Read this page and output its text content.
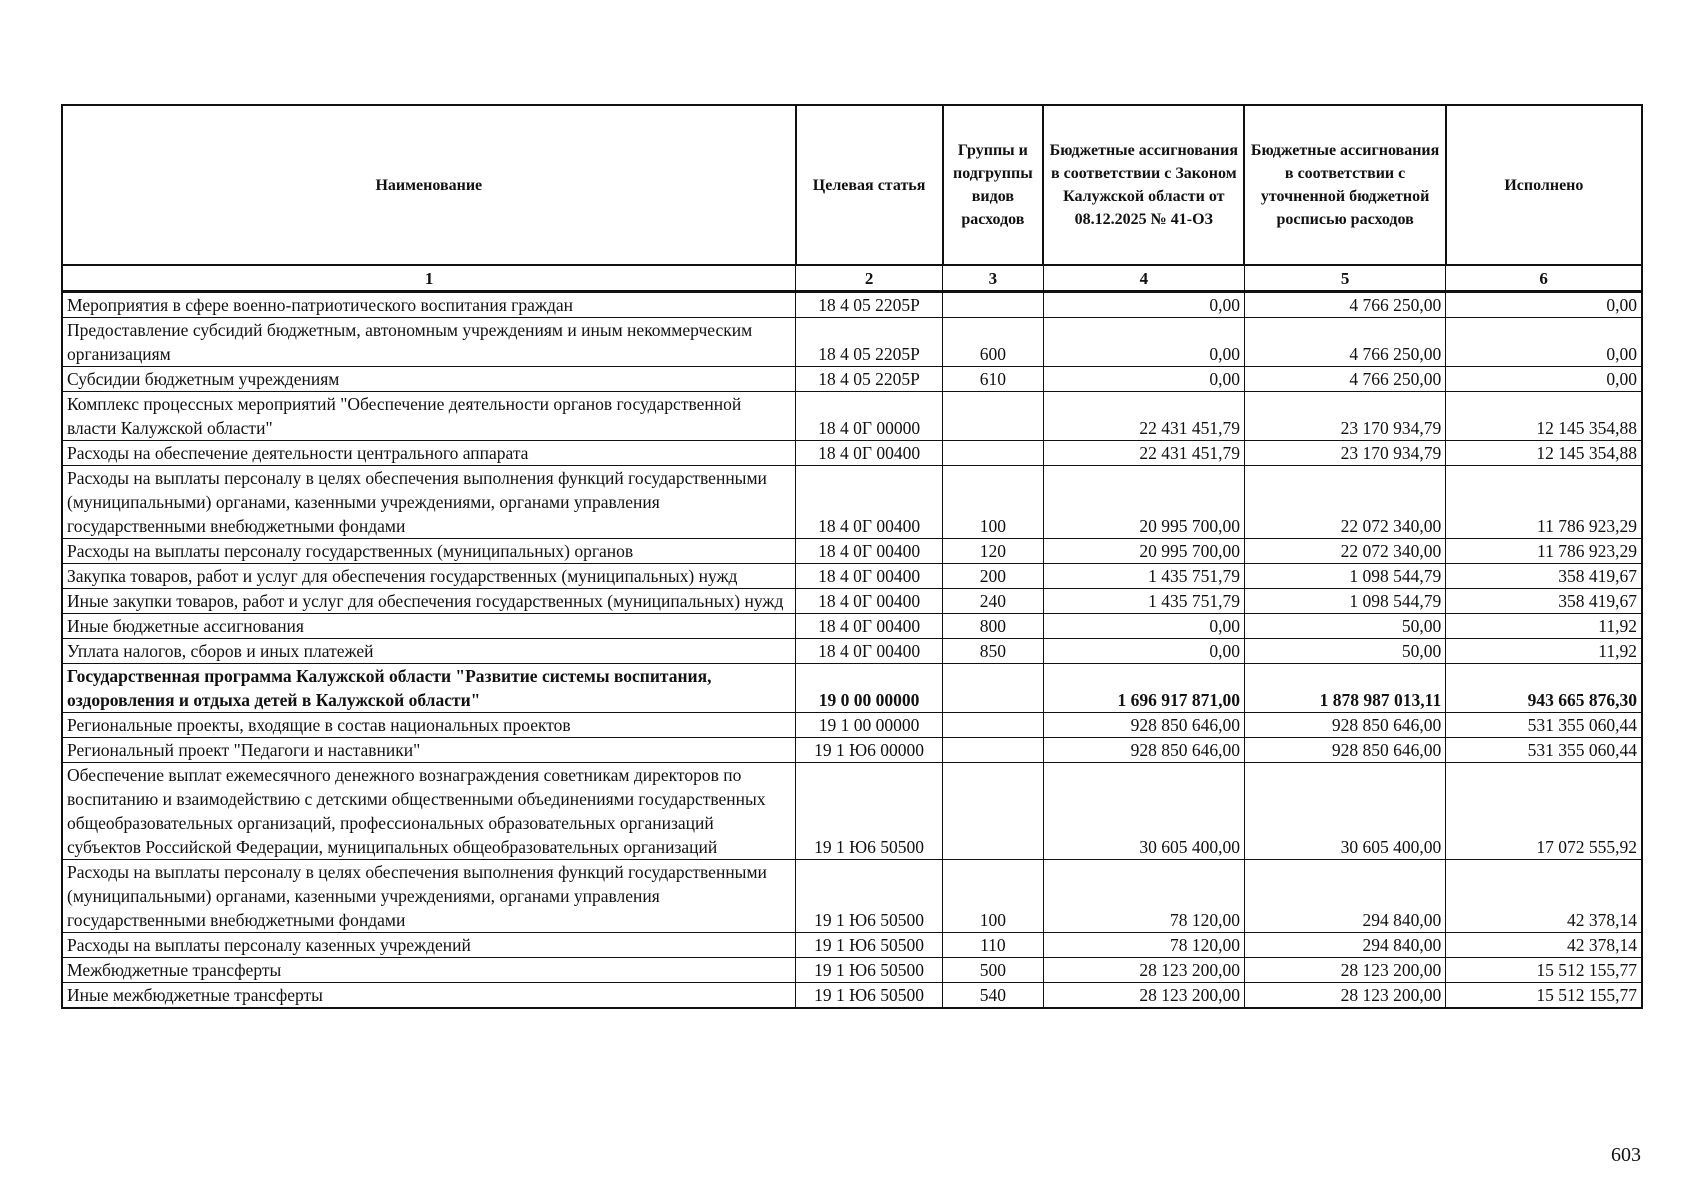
Наименование	Целевая статья	Группы и подгруппы видов расходов	Бюджетные ассигнования в соответствии с Законом Калужской области от 08.12.2025 № 41-ОЗ	Бюджетные ассигнования в соответствии с уточненной бюджетной росписью расходов	Исполнено
1	2	3	4	5	6
Мероприятия в сфере военно-патриотического воспитания граждан	18 4 05 2205Р		0,00	4 766 250,00	0,00
Предоставление субсидий бюджетным, автономным учреждениям и иным некоммерческим организациям	18 4 05 2205Р	600	0,00	4 766 250,00	0,00
Субсидии бюджетным учреждениям	18 4 05 2205Р	610	0,00	4 766 250,00	0,00
Комплекс процессных мероприятий "Обеспечение деятельности органов государственной власти Калужской области"	18 4 0Г 00000		22 431 451,79	23 170 934,79	12 145 354,88
Расходы на обеспечение деятельности центрального аппарата	18 4 0Г 00400		22 431 451,79	23 170 934,79	12 145 354,88
Расходы на выплаты персоналу в целях обеспечения выполнения функций государственными (муниципальными) органами, казенными учреждениями, органами управления государственными внебюджетными фондами	18 4 0Г 00400	100	20 995 700,00	22 072 340,00	11 786 923,29
Расходы на выплаты персоналу государственных (муниципальных) органов	18 4 0Г 00400	120	20 995 700,00	22 072 340,00	11 786 923,29
Закупка товаров, работ и услуг для обеспечения государственных (муниципальных) нужд	18 4 0Г 00400	200	1 435 751,79	1 098 544,79	358 419,67
Иные закупки товаров, работ и услуг для обеспечения государственных (муниципальных) нужд	18 4 0Г 00400	240	1 435 751,79	1 098 544,79	358 419,67
Иные бюджетные ассигнования	18 4 0Г 00400	800	0,00	50,00	11,92
Уплата налогов, сборов и иных платежей	18 4 0Г 00400	850	0,00	50,00	11,92
Государственная программа Калужской области "Развитие системы воспитания, оздоровления и отдыха детей в Калужской области"	19 0 00 00000		1 696 917 871,00	1 878 987 013,11	943 665 876,30
Региональные проекты, входящие в состав национальных проектов	19 1 00 00000		928 850 646,00	928 850 646,00	531 355 060,44
Региональный проект "Педагоги и наставники"	19 1 Ю6 00000		928 850 646,00	928 850 646,00	531 355 060,44
Обеспечение выплат ежемесячного денежного вознаграждения советникам директоров по воспитанию и взаимодействию с детскими общественными объединениями государственных общеобразовательных организаций, профессиональных образовательных организаций субъектов Российской Федерации, муниципальных общеобразовательных организаций	19 1 Ю6 50500		30 605 400,00	30 605 400,00	17 072 555,92
Расходы на выплаты персоналу в целях обеспечения выполнения функций государственными (муниципальными) органами, казенными учреждениями, органами управления государственными внебюджетными фондами	19 1 Ю6 50500	100	78 120,00	294 840,00	42 378,14
Расходы на выплаты персоналу казенных учреждений	19 1 Ю6 50500	110	78 120,00	294 840,00	42 378,14
Межбюджетные трансферты	19 1 Ю6 50500	500	28 123 200,00	28 123 200,00	15 512 155,77
Иные межбюджетные трансферты	19 1 Ю6 50500	540	28 123 200,00	28 123 200,00	15 512 155,77
603
